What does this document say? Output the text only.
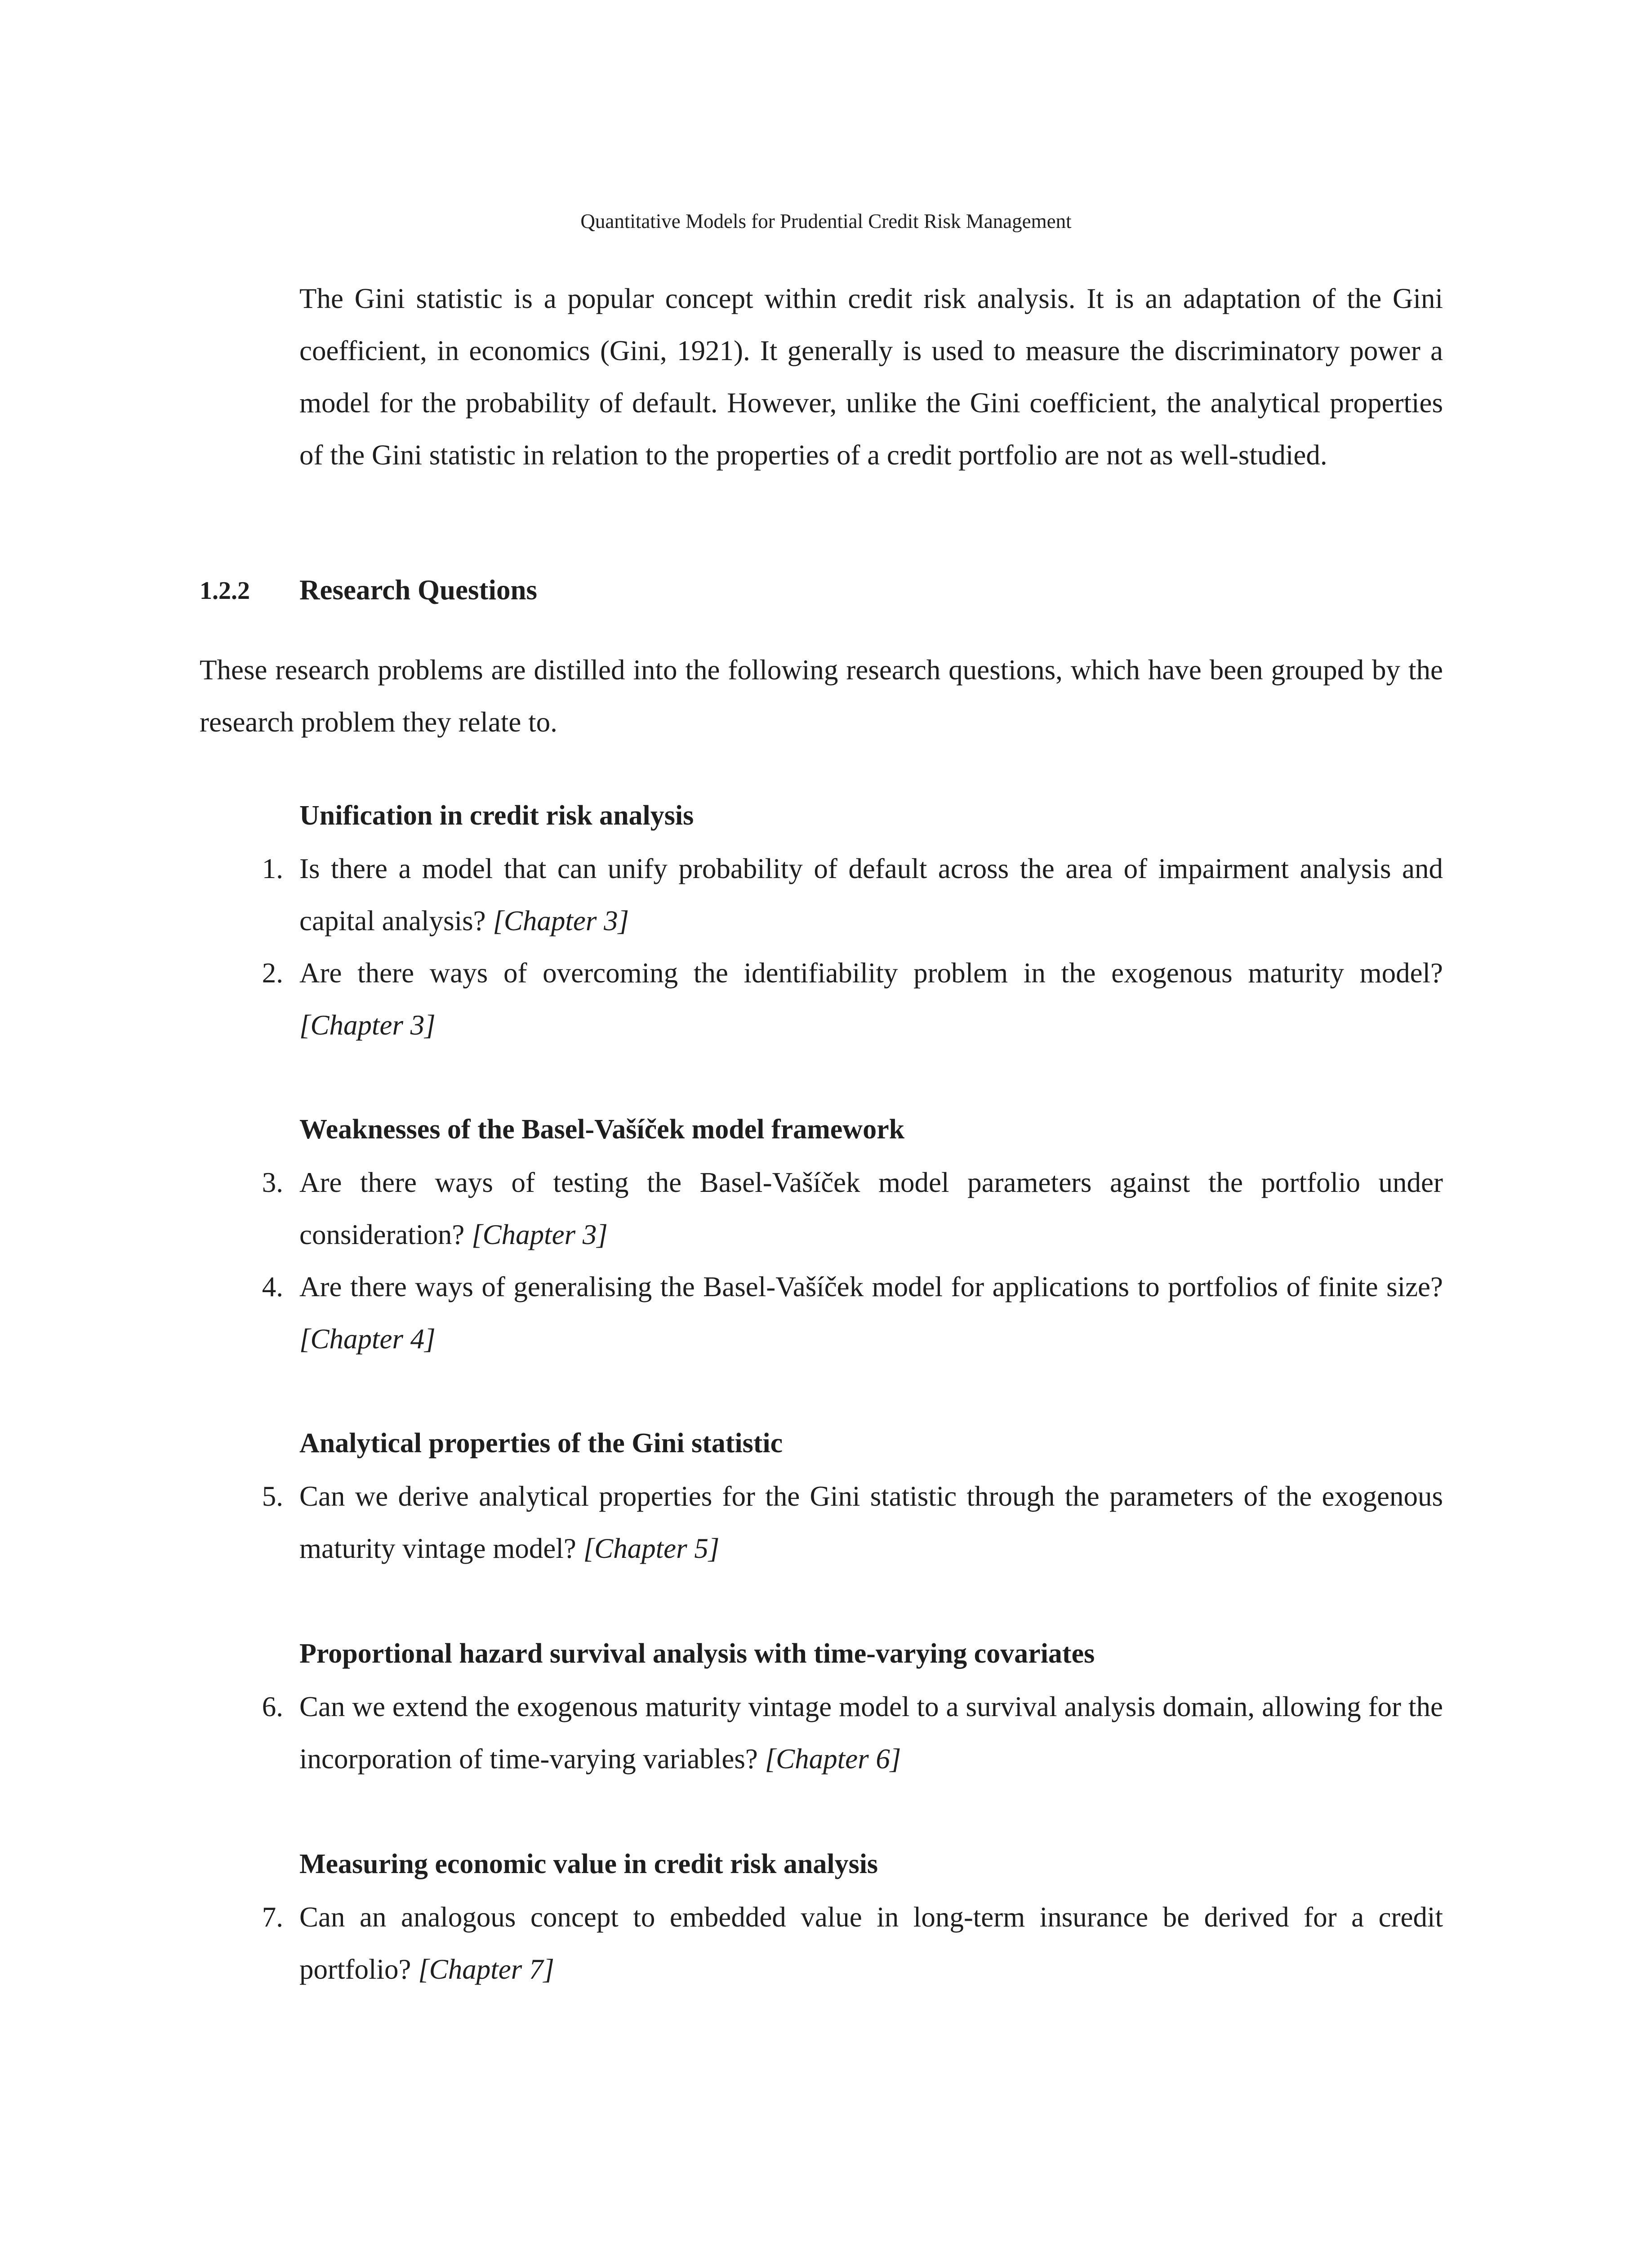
Quantitative Models for Prudential Credit Risk Management

The Gini statistic is a popular concept within credit risk analysis. It is an adaptation of the Gini coefficient, in economics (Gini, 1921). It generally is used to measure the discriminatory power a model for the probability of default. However, unlike the Gini coefficient, the analytical properties of the Gini statistic in relation to the properties of a credit portfolio are not as well-studied.

1.2.2 Research Questions

These research problems are distilled into the following research questions, which have been grouped by the research problem they relate to.

Unification in credit risk analysis
1. Is there a model that can unify probability of default across the area of impairment analysis and capital analysis? [Chapter 3]

2. Are there ways of overcoming the identifiability problem in the exogenous maturity model? [Chapter 3]

Weaknesses of the Basel-Vašíček model framework
3. Are there ways of testing the Basel-Vašíček model parameters against the portfolio under consideration? [Chapter 3]

4. Are there ways of generalising the Basel-Vašíček model for applications to portfolios of finite size? [Chapter 4]

Analytical properties of the Gini statistic
5. Can we derive analytical properties for the Gini statistic through the parameters of the exogenous maturity vintage model? [Chapter 5]

Proportional hazard survival analysis with time-varying covariates
6. Can we extend the exogenous maturity vintage model to a survival analysis domain, allowing for the incorporation of time-varying variables? [Chapter 6]

Measuring economic value in credit risk analysis
7. Can an analogous concept to embedded value in long-term insurance be derived for a credit portfolio? [Chapter 7]
